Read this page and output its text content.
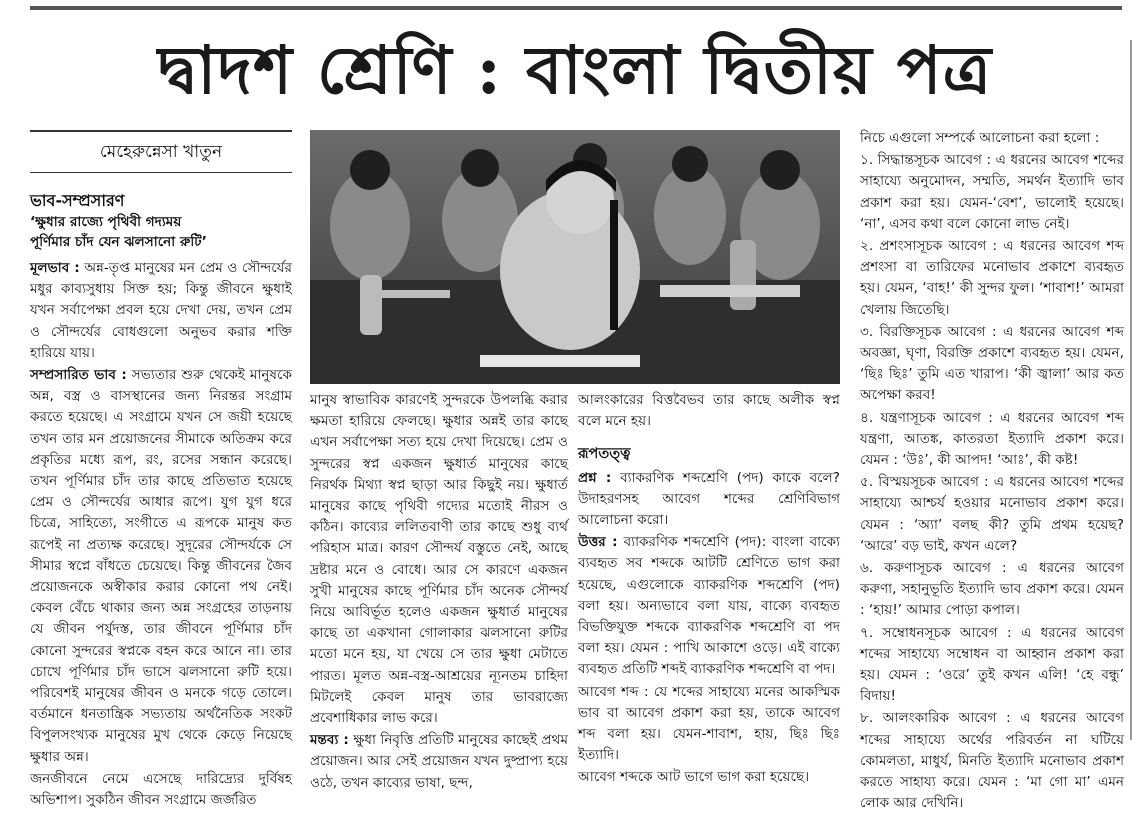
দ্বাদশ শ্রেণি : বাংলা দ্বিতীয় পত্র
মেহেরুন্নেসা খাতুন
ভাব-সম্প্রসারণ
‘ক্ষুধার রাজ্যে পৃথিবী গদ্যময়
পূর্ণিমার চাঁদ যেন ঝলসানো রুটি’

মূলভাব : অন্ন-তৃপ্ত মানুষের মন প্রেম ও সৌন্দর্যের মধুর কাব্যসুধায় সিক্ত হয়; কিন্তু জীবনে ক্ষুধাই যখন সর্বাপেক্ষা প্রবল হয়ে দেখা দেয়, তখন প্রেম ও সৌন্দর্যের বোধগুলো অনুভব করার শক্তি হারিয়ে যায়।

সম্প্রসারিত ভাব : সভ্যতার শুরু থেকেই মানুষকে অন্ন, বস্ত্র ও বাসস্থানের জন্য নিরন্তর সংগ্রাম করতে হয়েছে। এ সংগ্রামে যখন সে জয়ী হয়েছে তখন তার মন প্রয়োজনের সীমাকে অতিক্রম করে প্রকৃতির মধ্যে রূপ, রং, রসের সন্ধান করেছে। তখন পূর্ণিমার চাঁদ তার কাছে প্রতিভাত হয়েছে প্রেম ও সৌন্দর্যের আধার রূপে। যুগ যুগ ধরে চিত্রে, সাহিত্যে, সংগীতে এ রূপকে মানুষ কত রূপেই না প্রত্যক্ষ করেছে। সুদূরের সৌন্দর্যকে সে সীমার স্বপ্নে বাঁধতে চেয়েছে। কিন্তু জীবনের জৈব প্রয়োজনকে অস্বীকার করার কোনো পথ নেই। কেবল বেঁচে থাকার জন্য অন্ন সংগ্রহের তাড়নায় যে জীবন পর্যুদস্ত, তার জীবনে পূর্ণিমার চাঁদ কোনো সুন্দরের স্বপ্নকে বহন করে আনে না। তার চোখে পূর্ণিমার চাঁদ ভাসে ঝলসানো রুটি হয়ে। পরিবেশই মানুষের জীবন ও মনকে গড়ে তোলে। বর্তমানে ধনতান্ত্রিক সভ্যতায় অর্থনৈতিক সংকট বিপুলসংখ্যক মানুষের মুখ থেকে কেড়ে নিয়েছে ক্ষুধার অন্ন।

জনজীবনে নেমে এসেছে দারিদ্র্যের দুর্বিষহ অভিশাপ। সুকঠিন জীবন সংগ্রামে জর্জরিত

মানুষ স্বাভাবিক কারণেই সুন্দরকে উপলব্ধি করার ক্ষমতা হারিয়ে ফেলছে। ক্ষুধার অন্নই তার কাছে এখন সর্বাপেক্ষা সত্য হয়ে দেখা দিয়েছে। প্রেম ও সুন্দরের স্বপ্ন একজন ক্ষুধার্ত মানুষের কাছে নিরর্থক মিথ্যা স্বপ্ন ছাড়া আর কিছুই নয়। ক্ষুধার্ত মানুষের কাছে পৃথিবী গদ্যের মতোই নীরস ও কঠিন। কাব্যের ললিতবাণী তার কাছে শুধু ব্যর্থ পরিহাস মাত্র। কারণ সৌন্দর্য বস্তুতে নেই, আছে দ্রষ্টার মনে ও বোধে। আর সে কারণে একজন সুখী মানুষের কাছে পূর্ণিমার চাঁদ অনেক সৌন্দর্য নিয়ে আবির্ভূত হলেও একজন ক্ষুধার্ত মানুষের কাছে তা একখানা গোলাকার ঝলসানো রুটির মতো মনে হয়, যা খেয়ে সে তার ক্ষুধা মেটাতে পারত। মূলত অন্ন-বস্ত্র-আশ্রয়ের ন্যূনতম চাহিদা মিটলেই কেবল মানুষ তার ভাবরাজ্যে প্রবেশাধিকার লাভ করে।

মন্তব্য : ক্ষুধা নিবৃত্তি প্রতিটি মানুষের কাছেই প্রথম প্রয়োজন। আর সেই প্রয়োজন যখন দুষ্প্রাপ্য হয়ে ওঠে, তখন কাব্যের ভাষা, ছন্দ,

আলংকারের বিত্তবৈভব তার কাছে অলীক স্বপ্ন বলে মনে হয়।

রূপতত্ত্ব

প্রশ্ন : ব্যাকরণিক শব্দশ্রেণি (পদ) কাকে বলে? উদাহরণসহ আবেগ শব্দের শ্রেণিবিভাগ আলোচনা করো।

উত্তর : ব্যাকরণিক শব্দশ্রেণি (পদ): বাংলা বাক্যে ব্যবহৃত সব শব্দকে আটটি শ্রেণিতে ভাগ করা হয়েছে, এগুলোকে ব্যাকরণিক শব্দশ্রেণি (পদ) বলা হয়। অন্যভাবে বলা যায়, বাক্যে ব্যবহৃত বিভক্তিযুক্ত শব্দকে ব্যাকরণিক শব্দশ্রেণি বা পদ বলা হয়। যেমন : পাখি আকাশে ওড়ে। এই বাক্যে ব্যবহৃত প্রতিটি শব্দই ব্যাকরণিক শব্দশ্রেণি বা পদ।

আবেগ শব্দ : যে শব্দের সাহায্যে মনের আকস্মিক ভাব বা আবেগ প্রকাশ করা হয়, তাকে আবেগ শব্দ বলা হয়। যেমন-শাবাশ, হায়, ছিঃ ছিঃ ইত্যাদি।

আবেগ শব্দকে আট ভাগে ভাগ করা হয়েছে।

নিচে এগুলো সম্পর্কে আলোচনা করা হলো :

১. সিদ্ধান্তসূচক আবেগ : এ ধরনের আবেগ শব্দের সাহায্যে অনুমোদন, সম্মতি, সমর্থন ইত্যাদি ভাব প্রকাশ করা হয়। যেমন-‘বেশ’, ভালোই হয়েছে। ‘না’, এসব কথা বলে কোনো লাভ নেই।

২. প্রশংসাসূচক আবেগ : এ ধরনের আবেগ শব্দ প্রশংসা বা তারিফের মনোভাব প্রকাশে ব্যবহৃত হয়। যেমন, ‘বাহ!’ কী সুন্দর ফুল। ‘শাবাশ!’ আমরা খেলায় জিতেছি।

৩. বিরক্তিসূচক আবেগ : এ ধরনের আবেগ শব্দ অবজ্ঞা, ঘৃণা, বিরক্তি প্রকাশে ব্যবহৃত হয়। যেমন, ‘ছিঃ ছিঃ’ তুমি এত খারাপ। ‘কী জ্বালা’ আর কত অপেক্ষা করব!

৪. যন্ত্রণাসূচক আবেগ : এ ধরনের আবেগ শব্দ যন্ত্রণা, আতঙ্ক, কাতরতা ইত্যাদি প্রকাশ করে। যেমন : ‘উঃ’, কী আপদ! ‘আঃ’, কী কষ্ট!

৫. বিস্ময়সূচক আবেগ : এ ধরনের আবেগ শব্দের সাহায্যে আশ্চর্য হওয়ার মনোভাব প্রকাশ করে। যেমন : ‘অ্যা’ বলছ কী? তুমি প্রথম হয়েছ? ‘আরে’ বড় ভাই, কখন এলে?

৬. করুণাসূচক আবেগ : এ ধরনের আবেগ করুণা, সহানুভূতি ইত্যাদি ভাব প্রকাশ করে। যেমন : ‘হায়!’ আমার পোড়া কপাল।

৭. সম্বোধনসূচক আবেগ : এ ধরনের আবেগ শব্দের সাহায্যে সম্বোধন বা আহ্বান প্রকাশ করা হয়। যেমন : ‘ওরে’ তুই কখন এলি! ‘হে বন্ধু’ বিদায়!

৮. আলংকারিক আবেগ : এ ধরনের আবেগ শব্দের সাহায্যে অর্থের পরিবর্তন না ঘটিয়ে কোমলতা, মাধুর্য, মিনতি ইত্যাদি মনোভাব প্রকাশ করতে সাহায্য করে। যেমন : ‘মা গো মা’ এমন লোক আর দেখিনি।
